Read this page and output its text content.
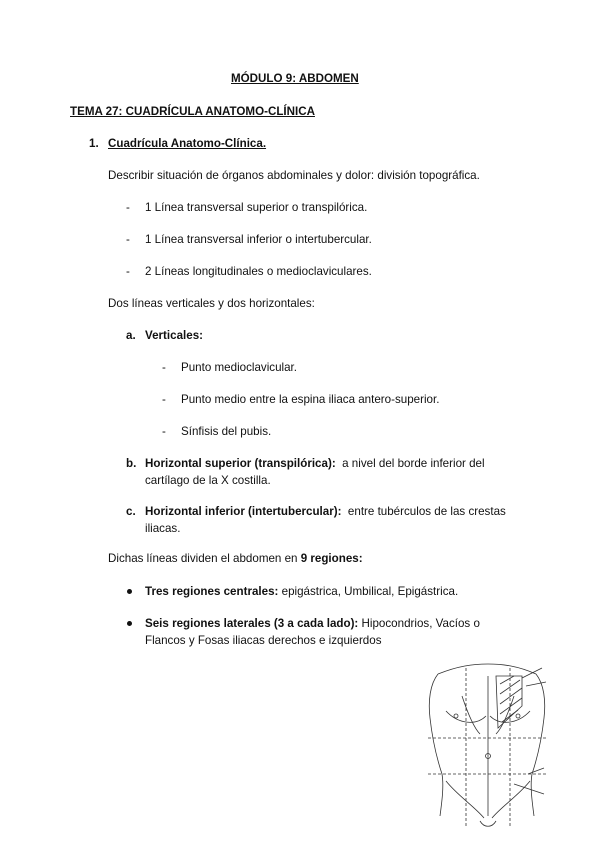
MÓDULO 9: ABDOMEN
TEMA 27: CUADRÍCULA ANATOMO-CLÍNICA
1. Cuadrícula Anatomo-Clínica.
Describir situación de órganos abdominales y dolor: división topográfica.
- 1 Línea transversal superior o transpilórica.
- 1 Línea transversal inferior o intertubercular.
- 2 Líneas longitudinales o medioclaviculares.
Dos líneas verticales y dos horizontales:
a. Verticales:
- Punto medioclavicular.
- Punto medio entre la espina iliaca antero-superior.
- Sínfisis del pubis.
b. Horizontal superior (transpilórica): a nivel del borde inferior del cartílago de la X costilla.
c. Horizontal inferior (intertubercular): entre tubérculos de las crestas iliacas.
Dichas líneas dividen el abdomen en 9 regiones:
Tres regiones centrales: epigástrica, Umbilical, Epigástrica.
Seis regiones laterales (3 a cada lado): Hipocondrios, Vacíos o Flancos y Fosas iliacas derechos e izquierdos
